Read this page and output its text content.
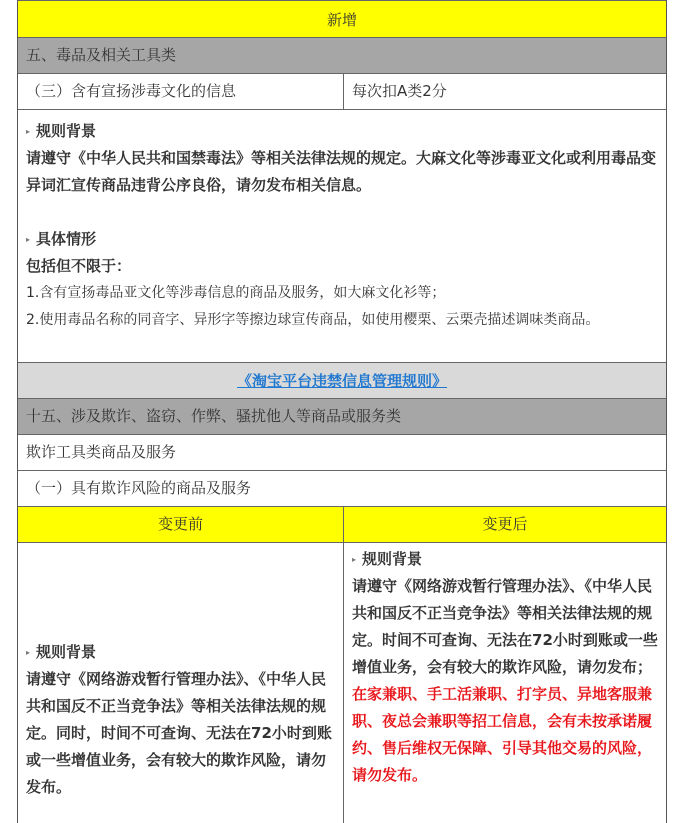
新增
五、毒品及相关工具类
（三）含有宣扬涉毒文化的信息	每次扣A类2分

▸ 规则背景

请遵守《中华人民共和国禁毒法》等相关法律法规的规定。大麻文化等涉毒亚文化或利用毒品变异词汇宣传商品违背公序良俗，请勿发布相关信息。

▸ 具体情形

包括但不限于：

1.含有宣扬毒品亚文化等涉毒信息的商品及服务，如大麻文化衫等；

2.使用毒品名称的同音字、异形字等擦边球宣传商品，如使用樱栗、云栗壳描述调味类商品。

《淘宝平台违禁信息管理规则》
十五、涉及欺诈、盗窃、作弊、骚扰他人等商品或服务类
欺诈工具类商品及服务
（一）具有欺诈风险的商品及服务
变更前	变更后

▸ 规则背景

请遵守《网络游戏暂行管理办法》、《中华人民共和国反不正当竞争法》等相关法律法规的规定。同时，时间不可查询、无法在72小时到账或一些增值业务，会有较大的欺诈风险，请勿发布。

▸ 规则背景

请遵守《网络游戏暂行管理办法》、《中华人民共和国反不正当竞争法》等相关法律法规的规定。时间不可查询、无法在72小时到账或一些增值业务，会有较大的欺诈风险，请勿发布；在家兼职、手工活兼职、打字员、异地客服兼职、夜总会兼职等招工信息，会有未按承诺履约、售后维权无保障、引导其他交易的风险，请勿发布。
